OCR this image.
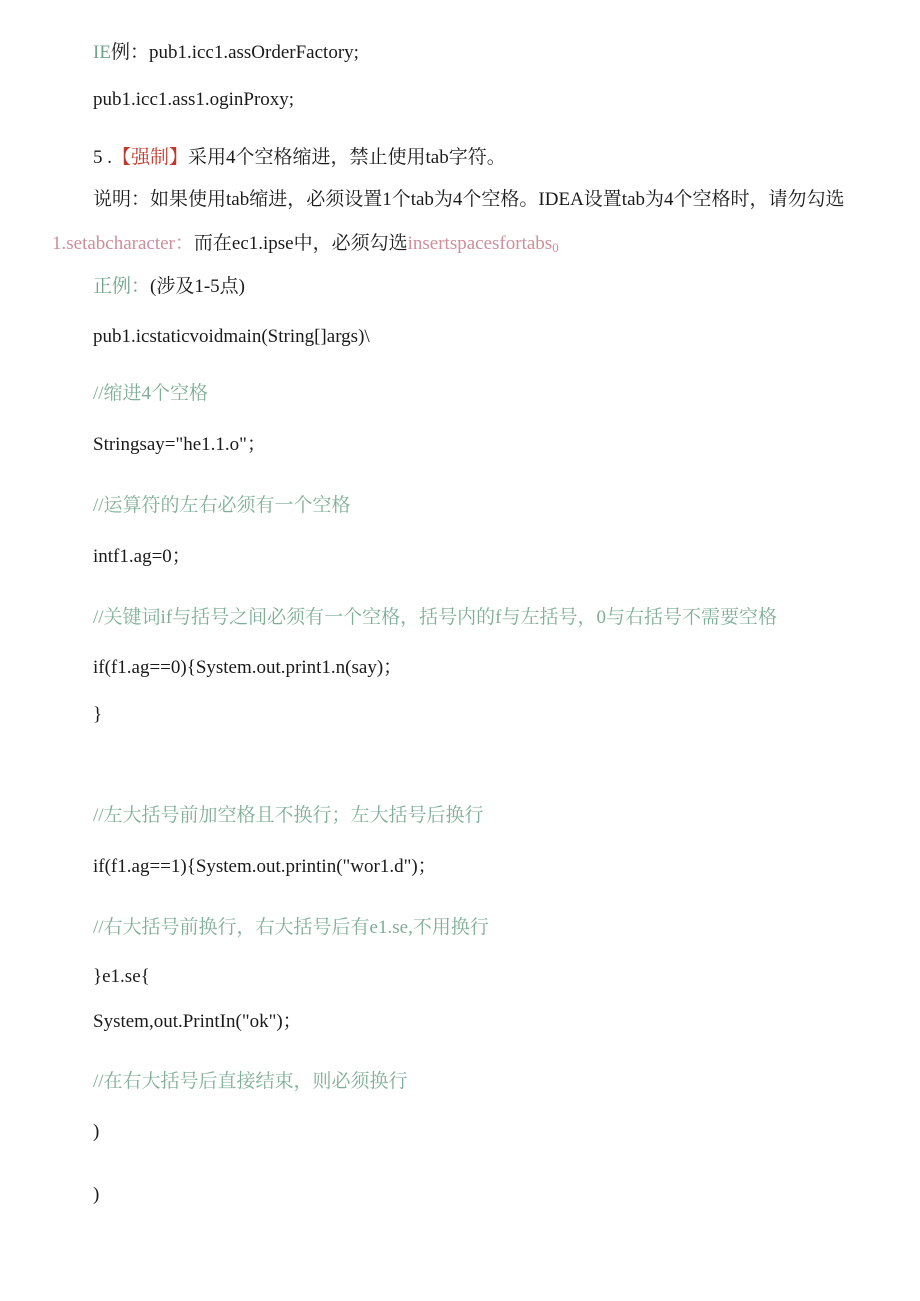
IE例：pub1.icc1.assOrderFactory;
pub1.icc1.ass1.oginProxy;
5 .【强制】采用4个空格缩进，禁止使用tab字符。
说明：如果使用tab缩进，必须设置1个tab为4个空格。IDEA设置tab为4个空格时，请勿勾选
1.setabcharacter：而在ec1.ipse中，必须勾选insertspacesfortabs$_0$
正例：(涉及1-5点)
pub1.icstaticvoidmain(String[]args)\
//缩进4个空格
Stringsay="he1.1.o"；
//运算符的左右必须有一个空格
intf1.ag=0；
//关键词if与括号之间必须有一个空格，括号内的f与左括号，0与右括号不需要空格
if(f1.ag==0){System.out.print1.n(say)；
}
//左大括号前加空格且不换行；左大括号后换行
if(f1.ag==1){System.out.printin("wor1.d")；
//右大括号前换行，右大括号后有e1.se,不用换行
}e1.se{
System,out.PrintIn("ok")；
//在右大括号后直接结束，则必须换行
)
)
